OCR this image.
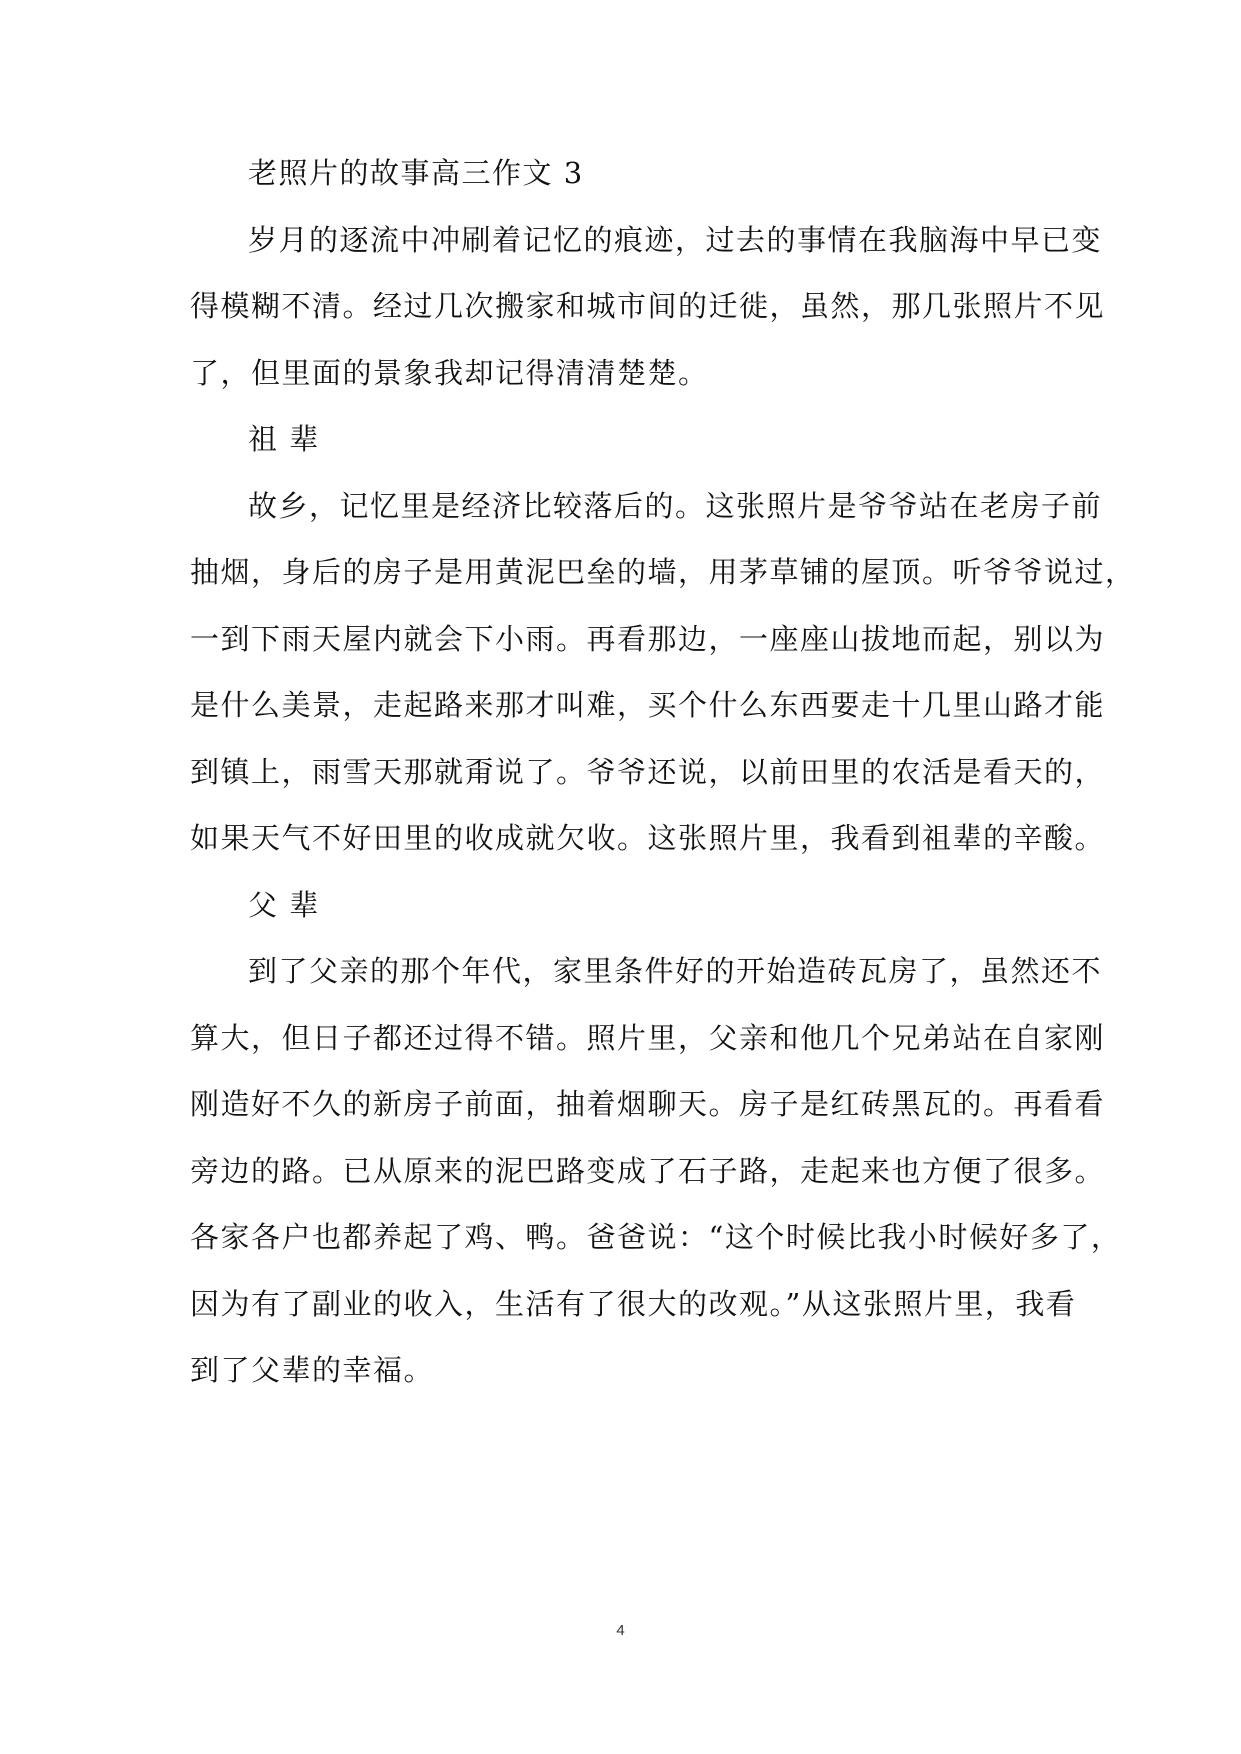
老照片的故事高三作文 3
岁月的逐流中冲刷着记忆的痕迹，过去的事情在我脑海中早已变
得模糊不清。经过几次搬家和城市间的迁徙，虽然，那几张照片不见
了，但里面的景象我却记得清清楚楚。
祖 辈
故乡，记忆里是经济比较落后的。这张照片是爷爷站在老房子前
抽烟，身后的房子是用黄泥巴垒的墙，用茅草铺的屋顶。听爷爷说过，
一到下雨天屋内就会下小雨。再看那边，一座座山拔地而起，别以为
是什么美景，走起路来那才叫难，买个什么东西要走十几里山路才能
到镇上，雨雪天那就甭说了。爷爷还说，以前田里的农活是看天的，
如果天气不好田里的收成就欠收。这张照片里，我看到祖辈的辛酸。
父 辈
到了父亲的那个年代，家里条件好的开始造砖瓦房了，虽然还不
算大，但日子都还过得不错。照片里，父亲和他几个兄弟站在自家刚
刚造好不久的新房子前面，抽着烟聊天。房子是红砖黑瓦的。再看看
旁边的路。已从原来的泥巴路变成了石子路，走起来也方便了很多。
各家各户也都养起了鸡、鸭。爸爸说：“这个时候比我小时候好多了，
因为有了副业的收入，生活有了很大的改观。”从这张照片里，我看
到了父辈的幸福。
4
